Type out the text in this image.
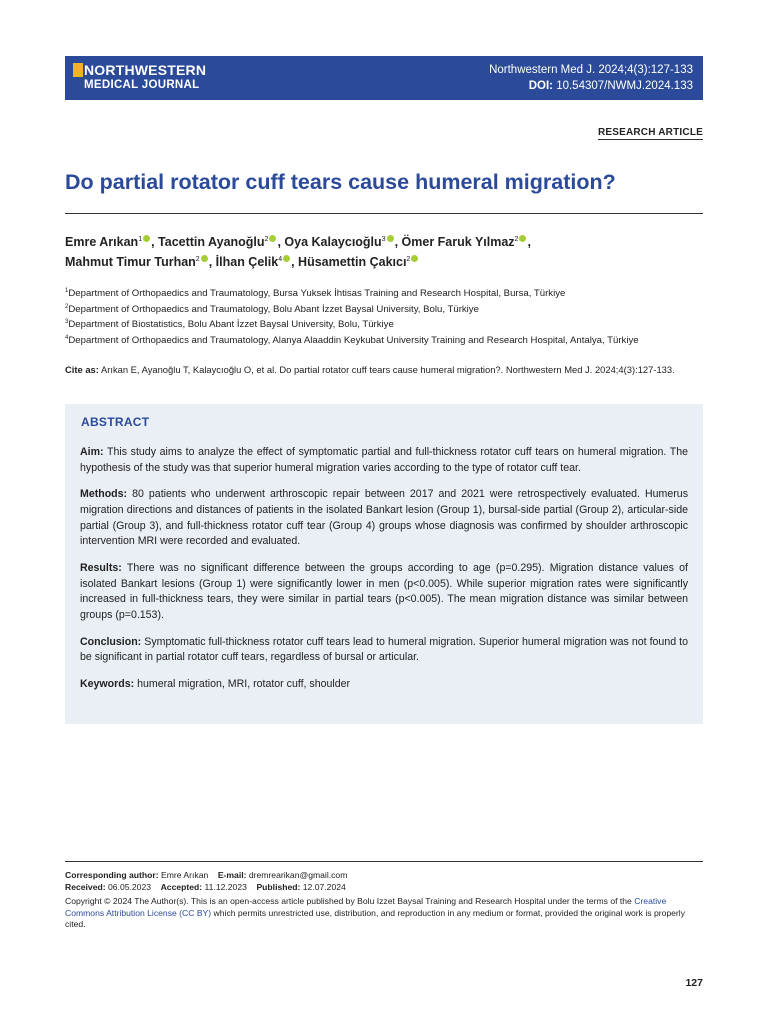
NORTHWESTERN
MEDICAL JOURNAL
Northwestern Med J. 2024;4(3):127-133
DOI: 10.54307/NWMJ.2024.133
RESEARCH ARTICLE
Do partial rotator cuff tears cause humeral migration?
Emre Arıkan$^1$ , Tacettin Ayanoğlu$^2$ , Oya Kalaycıoğlu$^3$ , Ömer Faruk Yılmaz$^2$ ,
Mahmut Timur Turhan$^2$ , İlhan Çelik$^4$ , Hüsamettin Çakıcı$^2$
$^1$Department of Orthopaedics and Traumatology, Bursa Yuksek İhtisas Training and Research Hospital, Bursa, Türkiye
$^2$Department of Orthopaedics and Traumatology, Bolu Abant İzzet Baysal University, Bolu, Türkiye
$^3$Department of Biostatistics, Bolu Abant İzzet Baysal University, Bolu, Türkiye
$^4$Department of Orthopaedics and Traumatology, Alanya Alaaddin Keykubat University Training and Research Hospital, Antalya, Türkiye
Cite as: Arıkan E, Ayanoğlu T, Kalaycıoğlu O, et al. Do partial rotator cuff tears cause humeral migration?. Northwestern Med J. 2024;4(3):127-133.
ABSTRACT

Aim: This study aims to analyze the effect of symptomatic partial and full-thickness rotator cuff tears on humeral migration. The hypothesis of the study was that superior humeral migration varies according to the type of rotator cuff tear.

Methods: 80 patients who underwent arthroscopic repair between 2017 and 2021 were retrospectively evaluated. Humerus migration directions and distances of patients in the isolated Bankart lesion (Group 1), bursal-side partial (Group 2), articular-side partial (Group 3), and full-thickness rotator cuff tear (Group 4) groups whose diagnosis was confirmed by shoulder arthroscopic intervention MRI were recorded and evaluated.

Results: There was no significant difference between the groups according to age (p=0.295). Migration distance values of isolated Bankart lesions (Group 1) were significantly lower in men (p<0.005). While superior migration rates were significantly increased in full-thickness tears, they were similar in partial tears (p<0.005). The mean migration distance was similar between groups (p=0.153).

Conclusion: Symptomatic full-thickness rotator cuff tears lead to humeral migration. Superior humeral migration was not found to be significant in partial rotator cuff tears, regardless of bursal or articular.

Keywords: humeral migration, MRI, rotator cuff, shoulder

Corresponding author: Emre Arıkan E-mail: dremrearikan@gmail.com
Received: 06.05.2023 Accepted: 11.12.2023 Published: 12.07.2024
Copyright © 2024 The Author(s). This is an open-access article published by Bolu Izzet Baysal Training and Research Hospital under the terms of the Creative Commons Attribution License (CC BY) which permits unrestricted use, distribution, and reproduction in any medium or format, provided the original work is properly cited.
127
